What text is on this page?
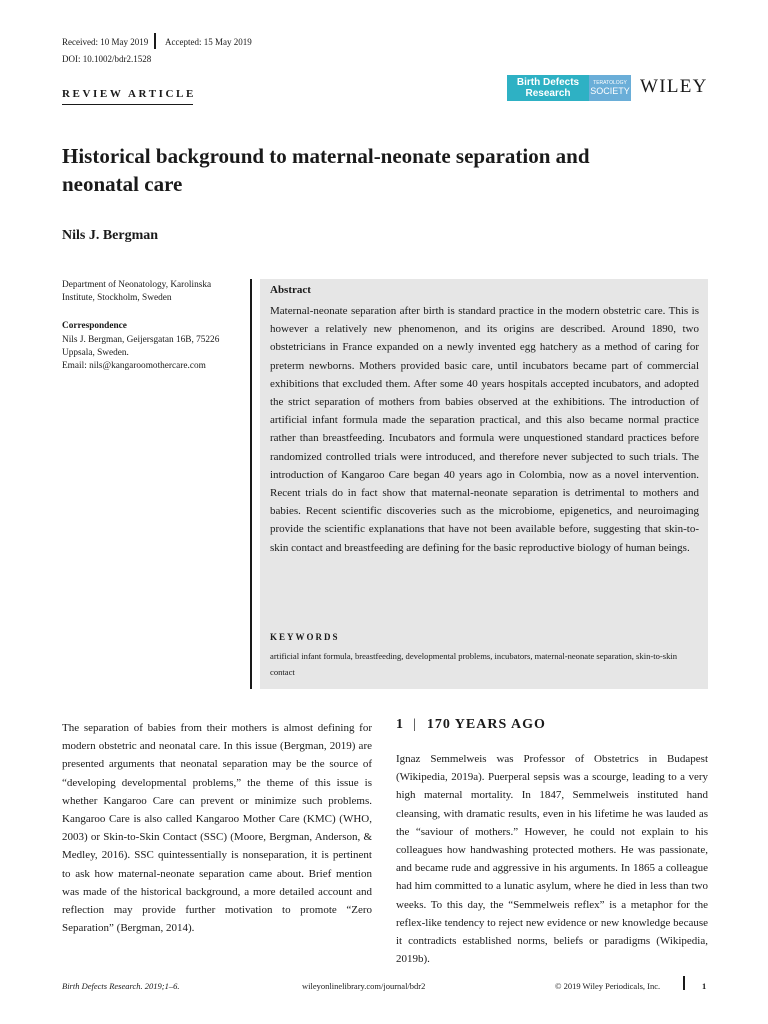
Received: 10 May 2019 Accepted: 15 May 2019
DOI: 10.1002/bdr2.1528
REVIEW ARTICLE
Birth Defects
Research
TERATOLOGY
SOCIETY WILEY
Historical background to maternal-neonate separation and neonatal care
Nils J. Bergman
Department of Neonatology, Karolinska Institute, Stockholm, Sweden
Correspondence
Nils J. Bergman, Geijersgatan 16B, 75226 Uppsala, Sweden.
Email: nils@kangaroomothercare.com
Abstract

Maternal-neonate separation after birth is standard practice in the modern obstetric care. This is however a relatively new phenomenon, and its origins are described. Around 1890, two obstetricians in France expanded on a newly invented egg hatchery as a method of caring for preterm newborns. Mothers provided basic care, until incubators became part of commercial exhibitions that excluded them. After some 40 years hospitals accepted incubators, and adopted the strict separation of mothers from babies observed at the exhibitions. The introduction of artificial infant formula made the separation practical, and this also became normal practice rather than breastfeeding. Incubators and formula were unquestioned standard practices before randomized controlled trials were introduced, and therefore never subjected to such trials. The introduction of Kangaroo Care began 40 years ago in Colombia, now as a novel intervention. Recent trials do in fact show that maternal-neonate separation is detrimental to mothers and babies. Recent scientific discoveries such as the microbiome, epigenetics, and neuroimaging provide the scientific explanations that have not been available before, suggesting that skin-to-skin contact and breastfeeding are defining for the basic reproductive biology of human beings.

KEYWORDS
artificial infant formula, breastfeeding, developmental problems, incubators, maternal-neonate separation, skin-to-skin contact

The separation of babies from their mothers is almost defining for modern obstetric and neonatal care. In this issue (Bergman, 2019) are presented arguments that neonatal separation may be the source of “developing developmental problems,” the theme of this issue is whether Kangaroo Care can prevent or minimize such problems. Kangaroo Care is also called Kangaroo Mother Care (KMC) (WHO, 2003) or Skin-to-Skin Contact (SSC) (Moore, Bergman, Anderson, & Medley, 2016). SSC quintessentially is nonseparation, it is pertinent to ask how maternal-neonate separation came about. Brief mention was made of the historical background, a more detailed account and reflection may provide further motivation to promote “Zero Separation” (Bergman, 2014).

1 | 170 YEARS AGO

Ignaz Semmelweis was Professor of Obstetrics in Budapest (Wikipedia, 2019a). Puerperal sepsis was a scourge, leading to a very high maternal mortality. In 1847, Semmelweis instituted hand cleansing, with dramatic results, even in his lifetime he was lauded as the “saviour of mothers.” However, he could not explain to his colleagues how handwashing protected mothers. He was passionate, and became rude and aggressive in his arguments. In 1865 a colleague had him committed to a lunatic asylum, where he died in less than two weeks. To this day, the “Semmelweis reflex” is a metaphor for the reflex-like tendency to reject new evidence or new knowledge because it contradicts established norms, beliefs or paradigms (Wikipedia, 2019b).

Birth Defects Research. 2019;1–6.	wileyonlinelibrary.com/journal/bdr2	© 2019 Wiley Periodicals, Inc.	1
